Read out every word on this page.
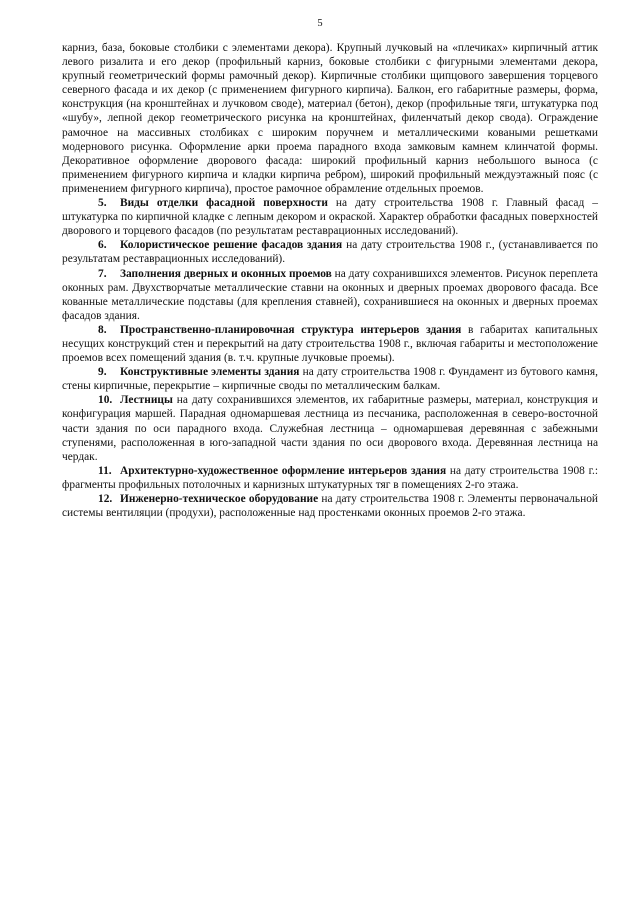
5

карниз, база, боковые столбики с элементами декора). Крупный лучковый на «плечиках» кирпичный аттик левого ризалита и его декор (профильный карниз, боковые столбики с фигурными элементами декора, крупный геометрический формы рамочный декор). Кирпичные столбики щипцового завершения торцевого северного фасада и их декор (с применением фигурного кирпича). Балкон, его габаритные размеры, форма, конструкция (на кронштейнах и лучковом своде), материал (бетон), декор (профильные тяги, штукатурка под «шубу», лепной декор геометрического рисунка на кронштейнах, филенчатый декор свода). Ограждение рамочное на массивных столбиках с широким поручнем и металлическими коваными решетками модернового рисунка. Оформление арки проема парадного входа замковым камнем клинчатой формы. Декоративное оформление дворового фасада: широкий профильный карниз небольшого выноса (с применением фигурного кирпича и кладки кирпича ребром), широкий профильный междуэтажный пояс (с применением фигурного кирпича), простое рамочное обрамление отдельных проемов.

5. Виды отделки фасадной поверхности на дату строительства 1908 г. Главный фасад – штукатурка по кирпичной кладке с лепным декором и окраской. Характер обработки фасадных поверхностей дворового и торцевого фасадов (по результатам реставрационных исследований).

6. Колористическое решение фасадов здания на дату строительства 1908 г., (устанавливается по результатам реставрационных исследований).

7. Заполнения дверных и оконных проемов на дату сохранившихся элементов. Рисунок переплета оконных рам. Двухстворчатые металлические ставни на оконных и дверных проемах дворового фасада. Все кованные металлические подставы (для крепления ставней), сохранившиеся на оконных и дверных проемах фасадов здания.

8. Пространственно-планировочная структура интерьеров здания в габаритах капитальных несущих конструкций стен и перекрытий на дату строительства 1908 г., включая габариты и местоположение проемов всех помещений здания (в. т.ч. крупные лучковые проемы).

9. Конструктивные элементы здания на дату строительства 1908 г. Фундамент из бутового камня, стены кирпичные, перекрытие – кирпичные своды по металлическим балкам.

10. Лестницы на дату сохранившихся элементов, их габаритные размеры, материал, конструкция и конфигурация маршей. Парадная одномаршевая лестница из песчаника, расположенная в северо-восточной части здания по оси парадного входа. Служебная лестница – одномаршевая деревянная с забежными ступенями, расположенная в юго-западной части здания по оси дворового входа. Деревянная лестница на чердак.

11. Архитектурно-художественное оформление интерьеров здания на дату строительства 1908 г.: фрагменты профильных потолочных и карнизных штукатурных тяг в помещениях 2-го этажа.

12. Инженерно-техническое оборудование на дату строительства 1908 г. Элементы первоначальной системы вентиляции (продухи), расположенные над простенками оконных проемов 2-го этажа.
